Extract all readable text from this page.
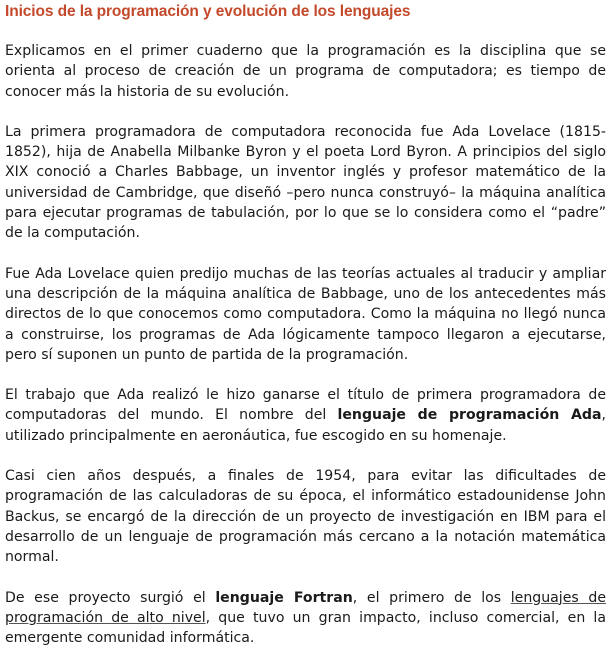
Inicios de la programación y evolución de los lenguajes

Explicamos en el primer cuaderno que la programación es la disciplina que se orienta al proceso de creación de un programa de computadora; es tiempo de conocer más la historia de su evolución.

La primera programadora de computadora reconocida fue Ada Lovelace (1815-1852), hija de Anabella Milbanke Byron y el poeta Lord Byron. A principios del siglo XIX conoció a Charles Babbage, un inventor inglés y profesor matemático de la universidad de Cambridge, que diseñó –pero nunca construyó– la máquina analítica para ejecutar programas de tabulación, por lo que se lo considera como el “padre” de la computación.

Fue Ada Lovelace quien predijo muchas de las teorías actuales al traducir y ampliar una descripción de la máquina analítica de Babbage, uno de los antecedentes más directos de lo que conocemos como computadora. Como la máquina no llegó nunca a construirse, los programas de Ada lógicamente tampoco llegaron a ejecutarse, pero sí suponen un punto de partida de la programación.

El trabajo que Ada realizó le hizo ganarse el título de primera programadora de computadoras del mundo. El nombre del lenguaje de programación Ada, utilizado principalmente en aeronáutica, fue escogido en su homenaje.

Casi cien años después, a finales de 1954, para evitar las dificultades de programación de las calculadoras de su época, el informático estadounidense John Backus, se encargó de la dirección de un proyecto de investigación en IBM para el desarrollo de un lenguaje de programación más cercano a la notación matemática normal.

De ese proyecto surgió el lenguaje Fortran, el primero de los lenguajes de programación de alto nivel, que tuvo un gran impacto, incluso comercial, en la emergente comunidad informática.
